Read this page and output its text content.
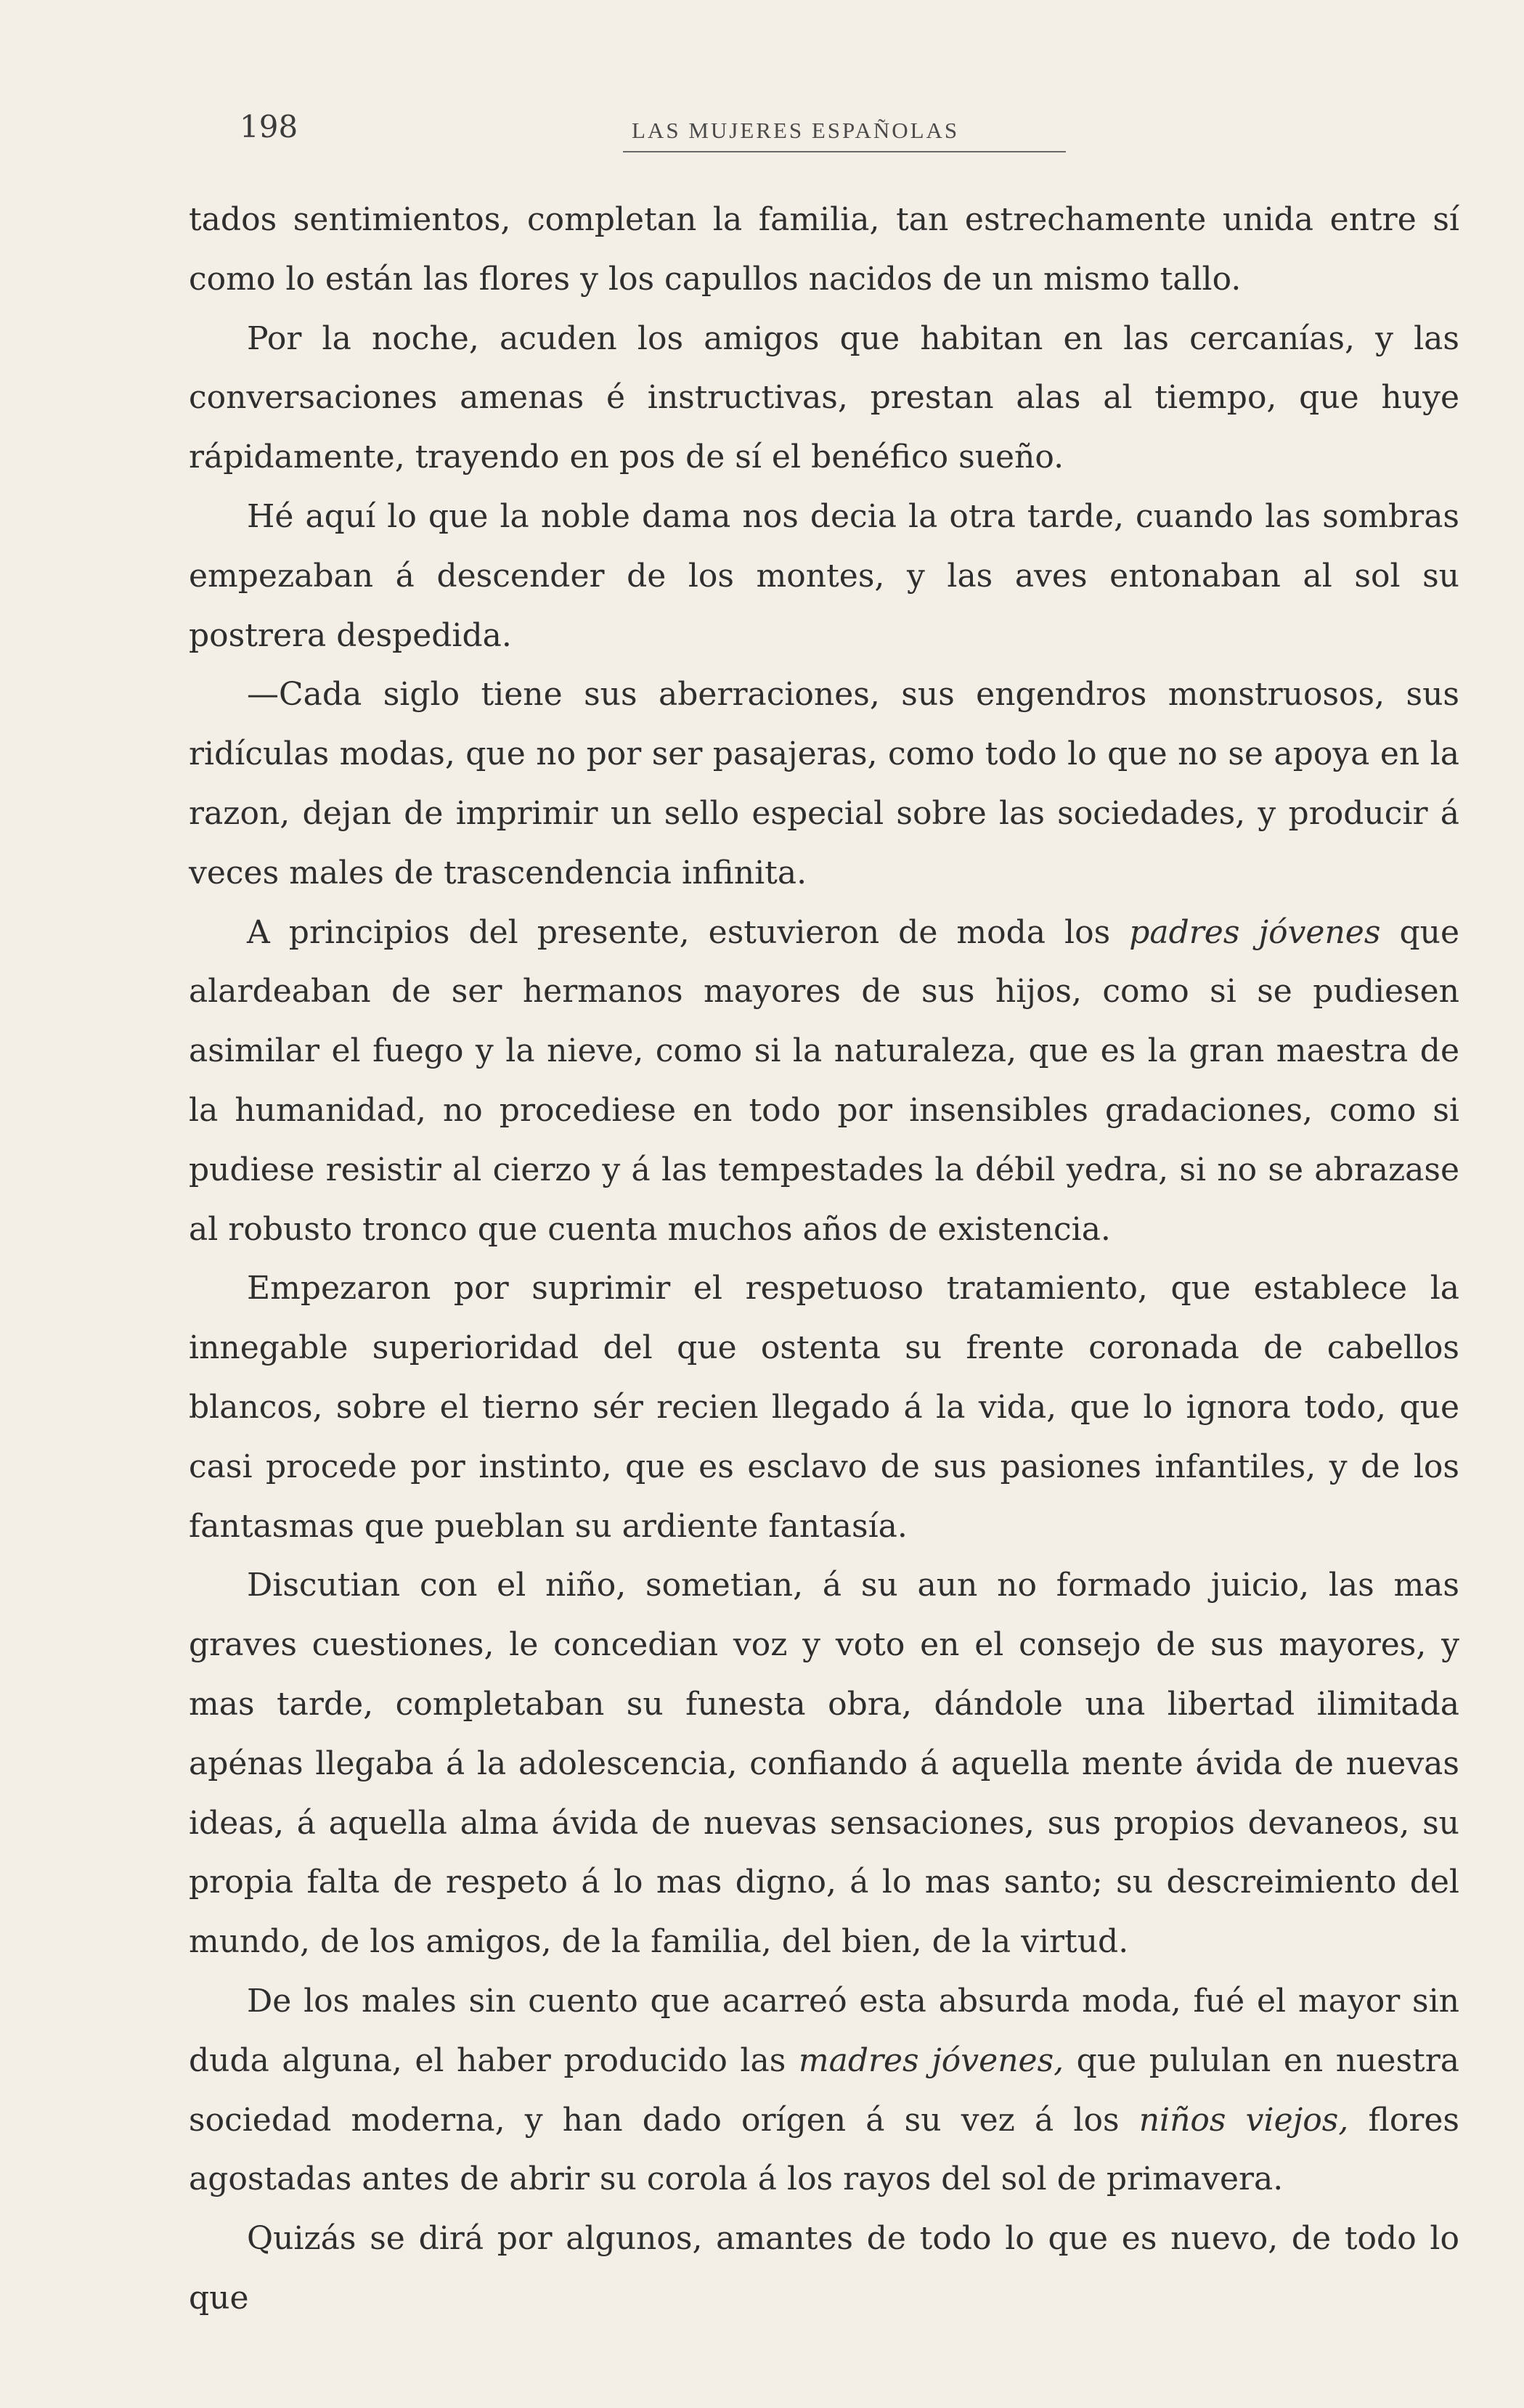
198	LAS MUJERES ESPAÑOLAS

tados sentimientos, completan la familia, tan estrechamente unida entre sí como lo están las flores y los capullos nacidos de un mismo tallo.

Por la noche, acuden los amigos que habitan en las cercanías, y las conversaciones amenas é instructivas, prestan alas al tiempo, que huye rápidamente, trayendo en pos de sí el benéfico sueño.

Hé aquí lo que la noble dama nos decia la otra tarde, cuando las sombras empezaban á descender de los montes, y las aves entonaban al sol su postrera despedida.

—Cada siglo tiene sus aberraciones, sus engendros monstruosos, sus ridículas modas, que no por ser pasajeras, como todo lo que no se apoya en la razon, dejan de imprimir un sello especial sobre las sociedades, y producir á veces males de trascendencia infinita.

A principios del presente, estuvieron de moda los padres jóvenes que alardeaban de ser hermanos mayores de sus hijos, como si se pudiesen asimilar el fuego y la nieve, como si la naturaleza, que es la gran maestra de la humanidad, no procediese en todo por insensibles gradaciones, como si pudiese resistir al cierzo y á las tempestades la débil yedra, si no se abrazase al robusto tronco que cuenta muchos años de existencia.

Empezaron por suprimir el respetuoso tratamiento, que establece la innegable superioridad del que ostenta su frente coronada de cabellos blancos, sobre el tierno sér recien llegado á la vida, que lo ignora todo, que casi procede por instinto, que es esclavo de sus pasiones infantiles, y de los fantasmas que pueblan su ardiente fantasía.

Discutian con el niño, sometian, á su aun no formado juicio, las mas graves cuestiones, le concedian voz y voto en el consejo de sus mayores, y mas tarde, completaban su funesta obra, dándole una libertad ilimitada apénas llegaba á la adolescencia, confiando á aquella mente ávida de nuevas ideas, á aquella alma ávida de nuevas sensaciones, sus propios devaneos, su propia falta de respeto á lo mas digno, á lo mas santo; su descreimiento del mundo, de los amigos, de la familia, del bien, de la virtud.

De los males sin cuento que acarreó esta absurda moda, fué el mayor sin duda alguna, el haber producido las madres jóvenes, que pululan en nuestra sociedad moderna, y han dado orígen á su vez á los niños viejos, flores agostadas antes de abrir su corola á los rayos del sol de primavera.

Quizás se dirá por algunos, amantes de todo lo que es nuevo, de todo lo que
